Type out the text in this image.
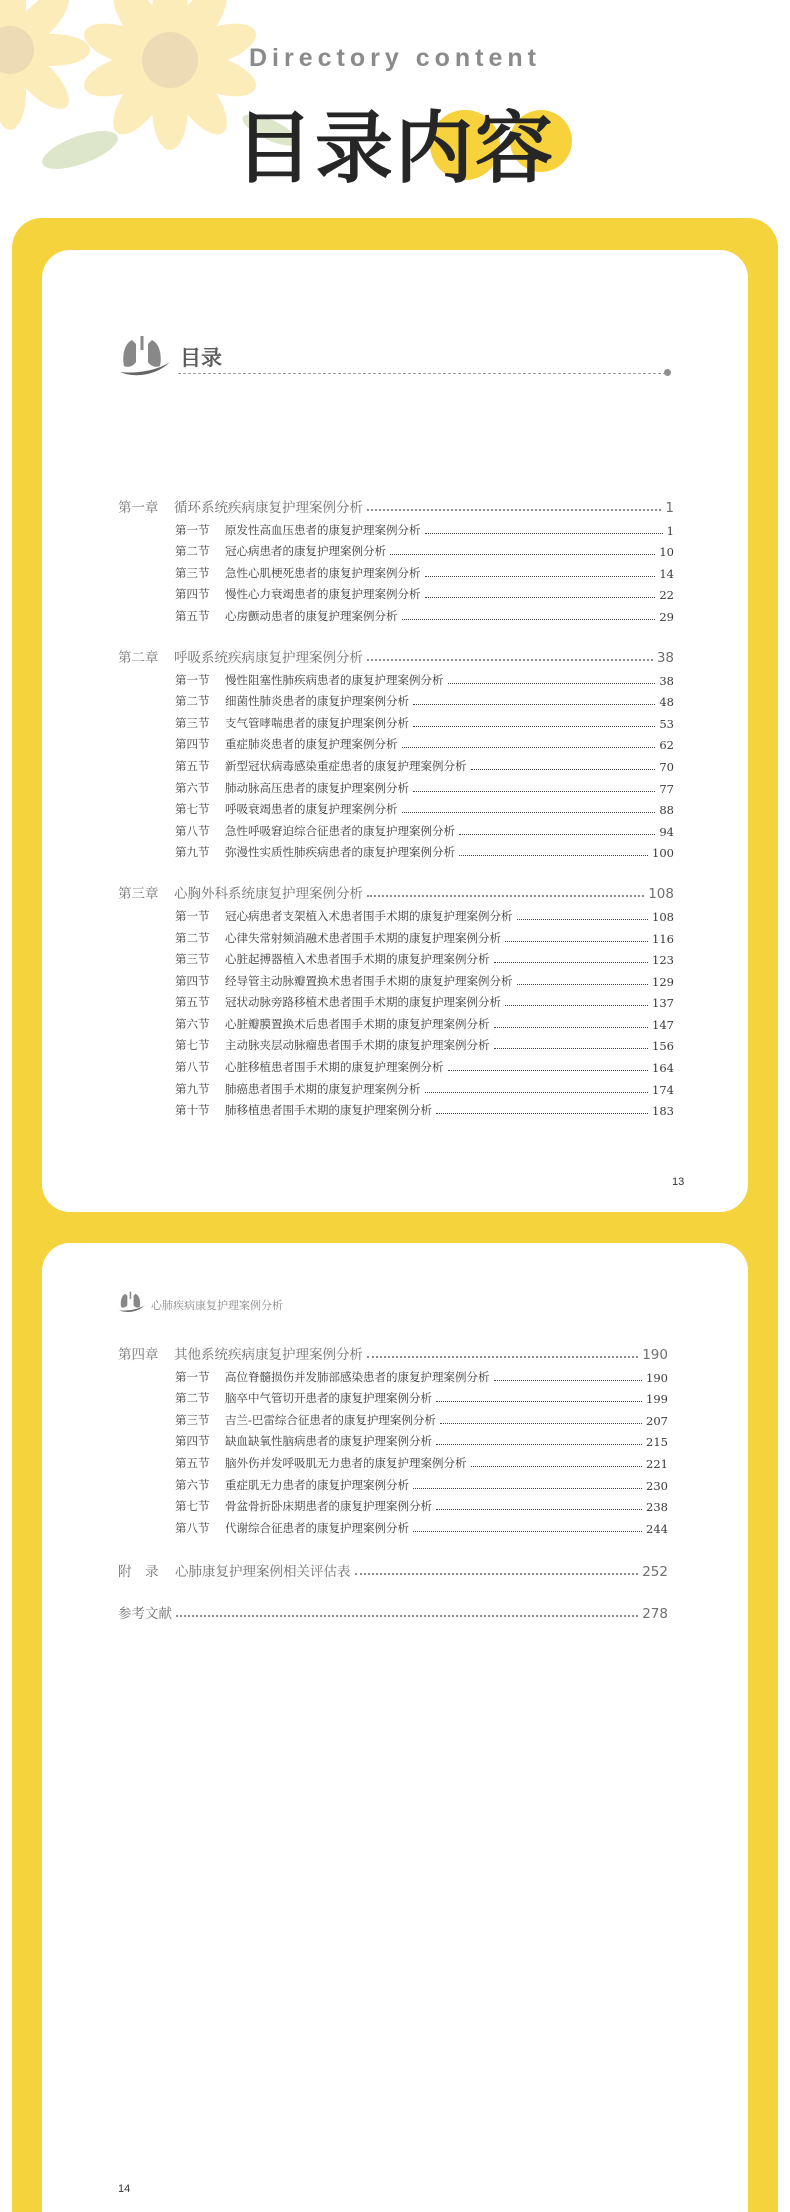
Directory content
目录内容
目录
第一章	循环系统疾病康复护理案例分析	1
第一节	原发性高血压患者的康复护理案例分析	1
第二节	冠心病患者的康复护理案例分析	10
第三节	急性心肌梗死患者的康复护理案例分析	14
第四节	慢性心力衰竭患者的康复护理案例分析	22
第五节	心房颤动患者的康复护理案例分析	29
第二章	呼吸系统疾病康复护理案例分析	38
第一节	慢性阻塞性肺疾病患者的康复护理案例分析	38
第二节	细菌性肺炎患者的康复护理案例分析	48
第三节	支气管哮喘患者的康复护理案例分析	53
第四节	重症肺炎患者的康复护理案例分析	62
第五节	新型冠状病毒感染重症患者的康复护理案例分析	70
第六节	肺动脉高压患者的康复护理案例分析	77
第七节	呼吸衰竭患者的康复护理案例分析	88
第八节	急性呼吸窘迫综合征患者的康复护理案例分析	94
第九节	弥漫性实质性肺疾病患者的康复护理案例分析	100
第三章	心胸外科系统康复护理案例分析	108
第一节	冠心病患者支架植入术患者围手术期的康复护理案例分析	108
第二节	心律失常射频消融术患者围手术期的康复护理案例分析	116
第三节	心脏起搏器植入术患者围手术期的康复护理案例分析	123
第四节	经导管主动脉瓣置换术患者围手术期的康复护理案例分析	129
第五节	冠状动脉旁路移植术患者围手术期的康复护理案例分析	137
第六节	心脏瓣膜置换术后患者围手术期的康复护理案例分析	147
第七节	主动脉夹层动脉瘤患者围手术期的康复护理案例分析	156
第八节	心脏移植患者围手术期的康复护理案例分析	164
第九节	肺癌患者围手术期的康复护理案例分析	174
第十节	肺移植患者围手术期的康复护理案例分析	183
13
心肺疾病康复护理案例分析
第四章	其他系统疾病康复护理案例分析	190
第一节	高位脊髓损伤并发肺部感染患者的康复护理案例分析	190
第二节	脑卒中气管切开患者的康复护理案例分析	199
第三节	吉兰-巴雷综合征患者的康复护理案例分析	207
第四节	缺血缺氧性脑病患者的康复护理案例分析	215
第五节	脑外伤并发呼吸肌无力患者的康复护理案例分析	221
第六节	重症肌无力患者的康复护理案例分析	230
第七节	骨盆骨折卧床期患者的康复护理案例分析	238
第八节	代谢综合征患者的康复护理案例分析	244
附　录	心肺康复护理案例相关评估表	252
参考文献	278
14
